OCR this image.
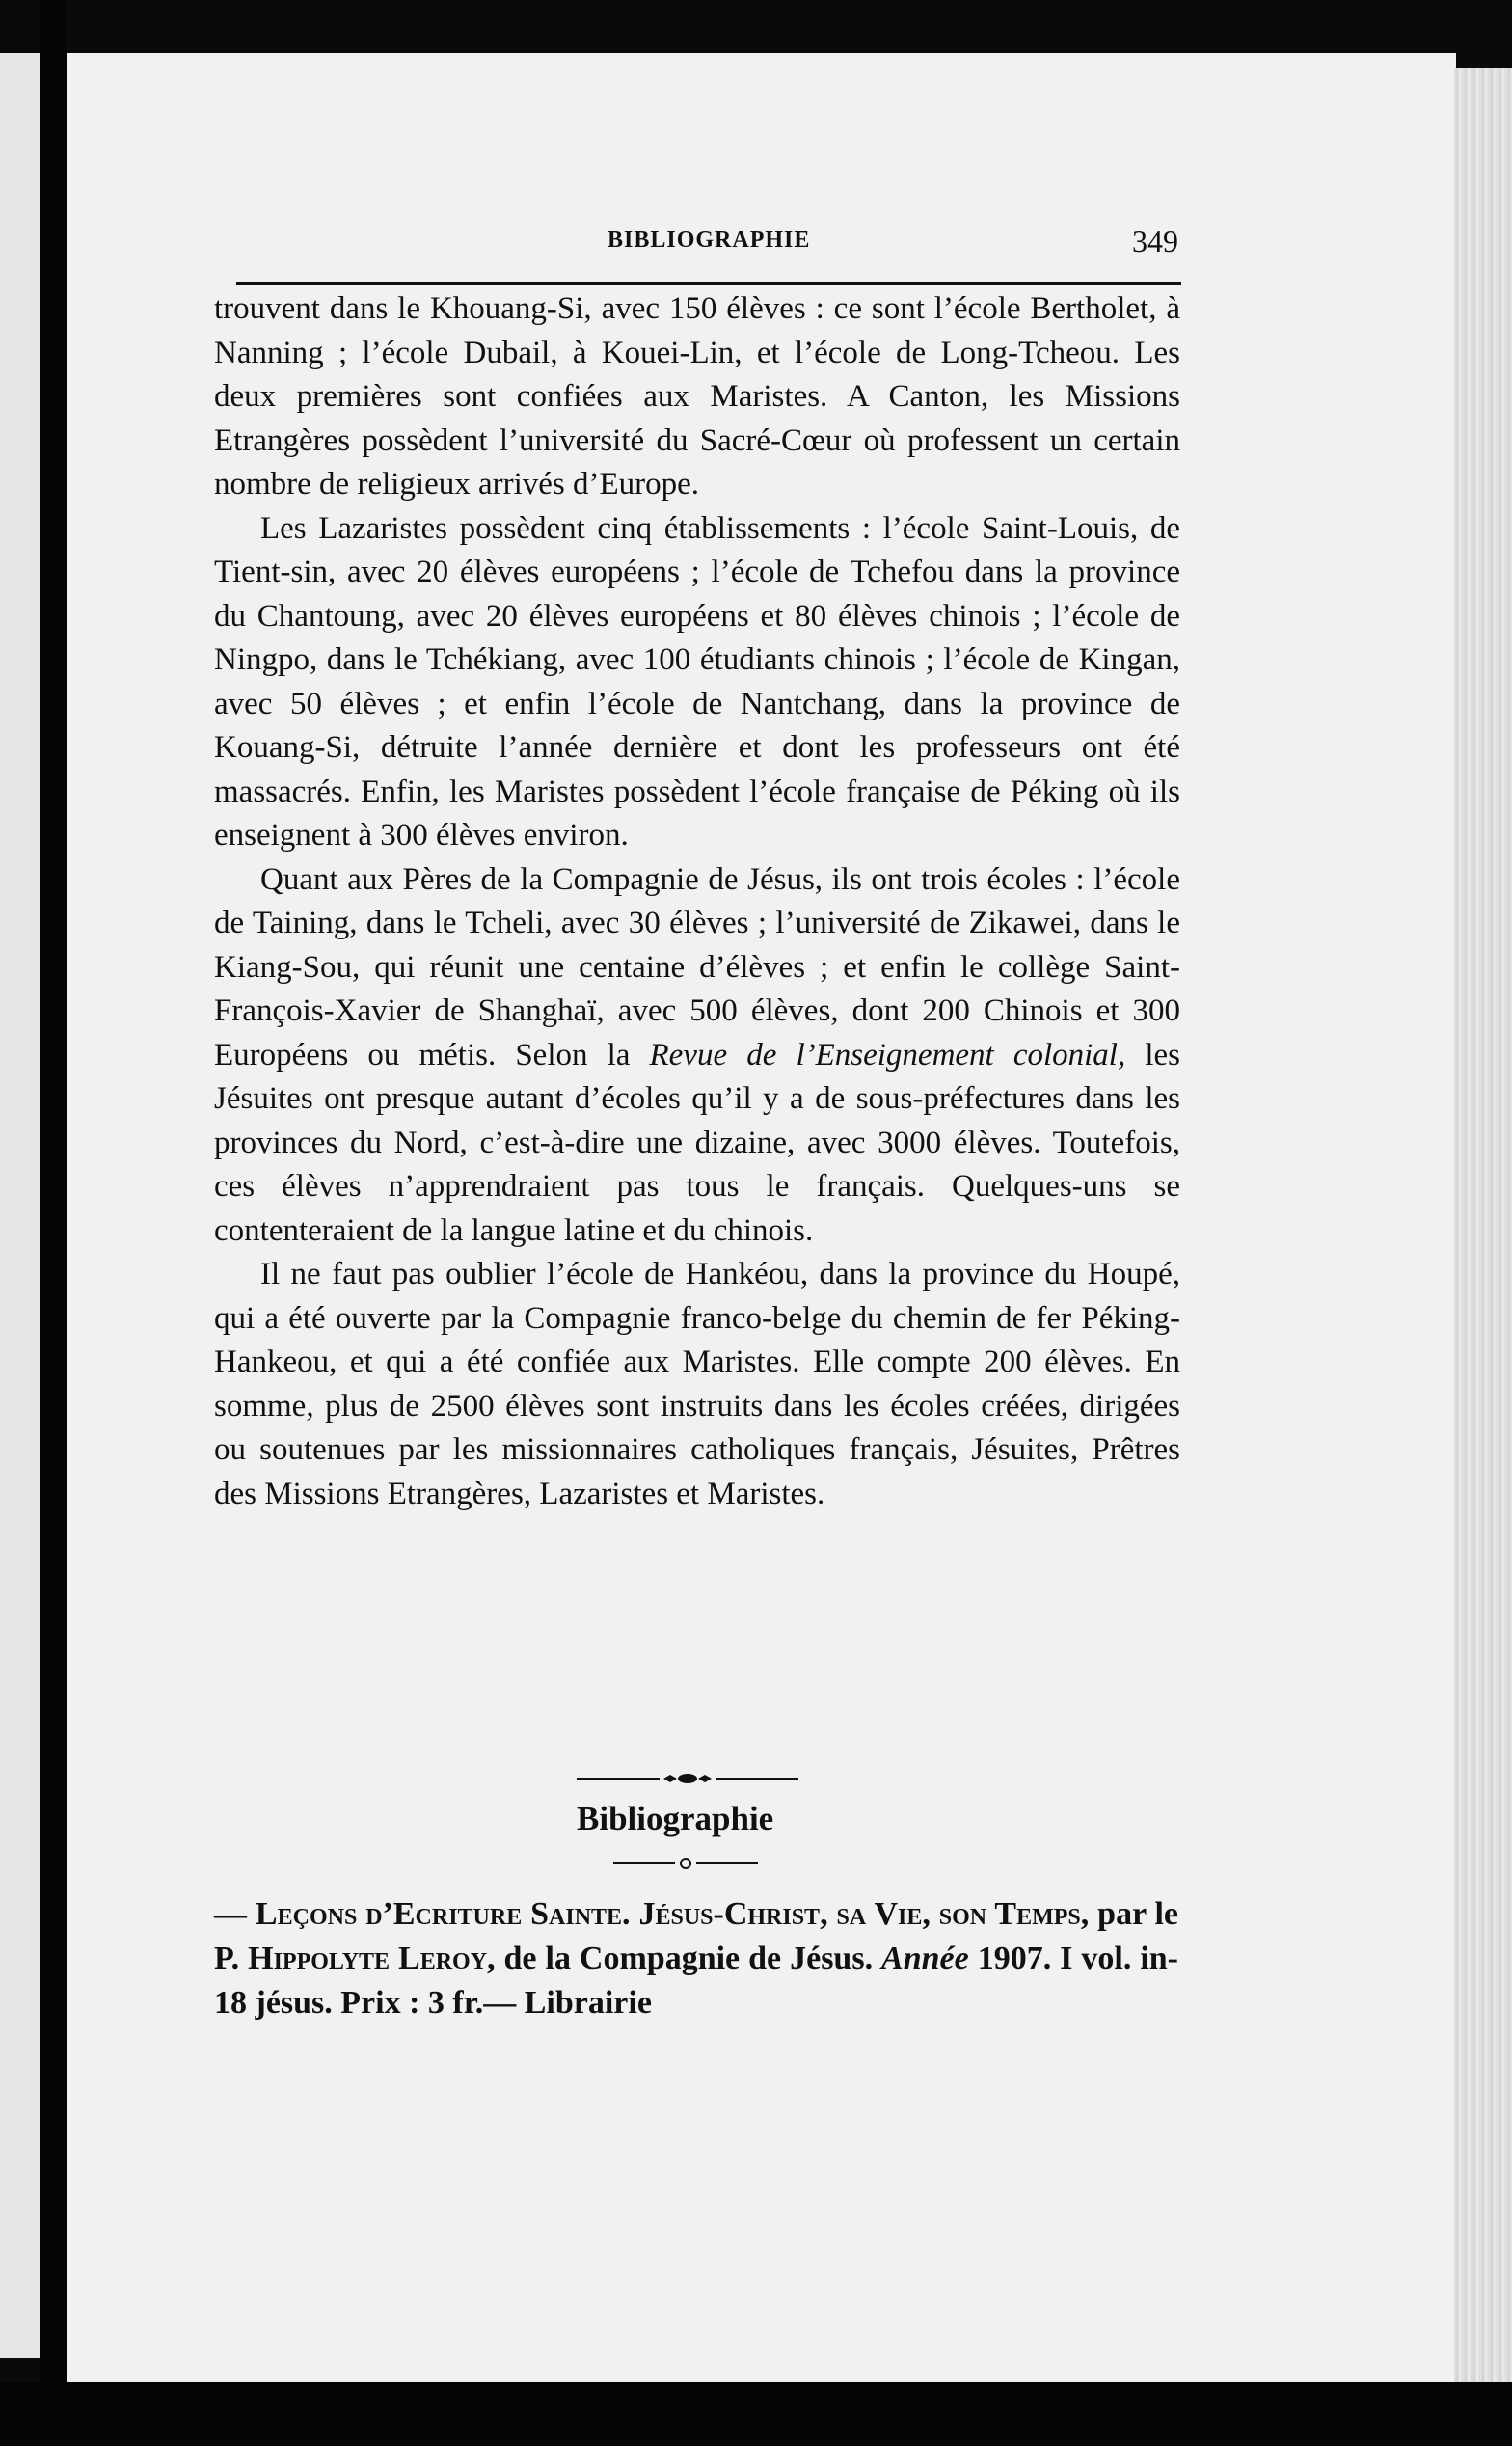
BIBLIOGRAPHIE	349

trouvent dans le Khouang-Si, avec 150 élèves : ce sont l’école Bertholet, à Nanning ; l’école Dubail, à Kouei-Lin, et l’école de Long-Tcheou. Les deux premières sont confiées aux Maristes. A Canton, les Missions Etrangères possèdent l’université du Sacré-Cœur où professent un certain nombre de religieux arrivés d’Europe.

Les Lazaristes possèdent cinq établissements : l’école Saint-Louis, de Tient-sin, avec 20 élèves européens ; l’école de Tchefou dans la province du Chantoung, avec 20 élèves européens et 80 élèves chinois ; l’école de Ningpo, dans le Tchékiang, avec 100 étudiants chinois ; l’école de Kingan, avec 50 élèves ; et enfin l’école de Nantchang, dans la province de Kouang-Si, détruite l’année dernière et dont les professeurs ont été massacrés. Enfin, les Maristes possèdent l’école française de Péking où ils enseignent à 300 élèves environ.

Quant aux Pères de la Compagnie de Jésus, ils ont trois écoles : l’école de Taining, dans le Tcheli, avec 30 élèves ; l’université de Zikawei, dans le Kiang-Sou, qui réunit une centaine d’élèves ; et enfin le collège Saint-François-Xavier de Shanghaï, avec 500 élèves, dont 200 Chinois et 300 Européens ou métis. Selon la Revue de l’Enseignement colonial, les Jésuites ont presque autant d’écoles qu’il y a de sous-préfectures dans les provinces du Nord, c’est-à-dire une dizaine, avec 3000 élèves. Toutefois, ces élèves n’apprendraient pas tous le français. Quelques-uns se contenteraient de la langue latine et du chinois.

Il ne faut pas oublier l’école de Hankéou, dans la province du Houpé, qui a été ouverte par la Compagnie franco-belge du chemin de fer Péking-Hankeou, et qui a été confiée aux Maristes. Elle compte 200 élèves. En somme, plus de 2500 élèves sont instruits dans les écoles créées, dirigées ou soutenues par les missionnaires catholiques français, Jésuites, Prêtres des Missions Etrangères, Lazaristes et Maristes.

Bibliographie
— Leçons d’Ecriture Sainte. Jésus-Christ, sa Vie, son Temps, par le P. Hippolyte Leroy, de la Compagnie de Jésus. Année 1907. I vol. in-18 jésus. Prix : 3 fr.— Librairie
